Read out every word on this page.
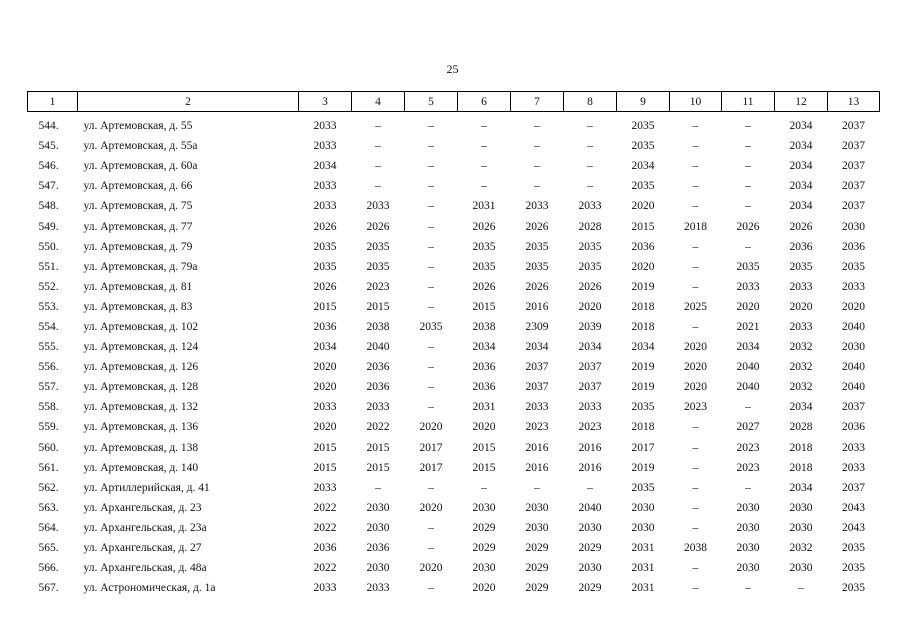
25
1	2	3	4	5	6	7	8	9	10	11	12	13
544.	ул. Артемовская, д. 55	2033	–	–	–	–	–	2035	–	–	2034	2037
545.	ул. Артемовская, д. 55а	2033	–	–	–	–	–	2035	–	–	2034	2037
546.	ул. Артемовская, д. 60а	2034	–	–	–	–	–	2034	–	–	2034	2037
547.	ул. Артемовская, д. 66	2033	–	–	–	–	–	2035	–	–	2034	2037
548.	ул. Артемовская, д. 75	2033	2033	–	2031	2033	2033	2020	–	–	2034	2037
549.	ул. Артемовская, д. 77	2026	2026	–	2026	2026	2028	2015	2018	2026	2026	2030
550.	ул. Артемовская, д. 79	2035	2035	–	2035	2035	2035	2036	–	–	2036	2036
551.	ул. Артемовская, д. 79а	2035	2035	–	2035	2035	2035	2020	–	2035	2035	2035
552.	ул. Артемовская, д. 81	2026	2023	–	2026	2026	2026	2019	–	2033	2033	2033
553.	ул. Артемовская, д. 83	2015	2015	–	2015	2016	2020	2018	2025	2020	2020	2020
554.	ул. Артемовская, д. 102	2036	2038	2035	2038	2309	2039	2018	–	2021	2033	2040
555.	ул. Артемовская, д. 124	2034	2040	–	2034	2034	2034	2034	2020	2034	2032	2030
556.	ул. Артемовская, д. 126	2020	2036	–	2036	2037	2037	2019	2020	2040	2032	2040
557.	ул. Артемовская, д. 128	2020	2036	–	2036	2037	2037	2019	2020	2040	2032	2040
558.	ул. Артемовская, д. 132	2033	2033	–	2031	2033	2033	2035	2023	–	2034	2037
559.	ул. Артемовская, д. 136	2020	2022	2020	2020	2023	2023	2018	–	2027	2028	2036
560.	ул. Артемовская, д. 138	2015	2015	2017	2015	2016	2016	2017	–	2023	2018	2033
561.	ул. Артемовская, д. 140	2015	2015	2017	2015	2016	2016	2019	–	2023	2018	2033
562.	ул. Артиллерийская, д. 41	2033	–	–	–	–	–	2035	–	–	2034	2037
563.	ул. Архангельская, д. 23	2022	2030	2020	2030	2030	2040	2030	–	2030	2030	2043
564.	ул. Архангельская, д. 23а	2022	2030	–	2029	2030	2030	2030	–	2030	2030	2043
565.	ул. Архангельская, д. 27	2036	2036	–	2029	2029	2029	2031	2038	2030	2032	2035
566.	ул. Архангельская, д. 48а	2022	2030	2020	2030	2029	2030	2031	–	2030	2030	2035
567.	ул. Астрономическая, д. 1а	2033	2033	–	2020	2029	2029	2031	–	–	–	2035
